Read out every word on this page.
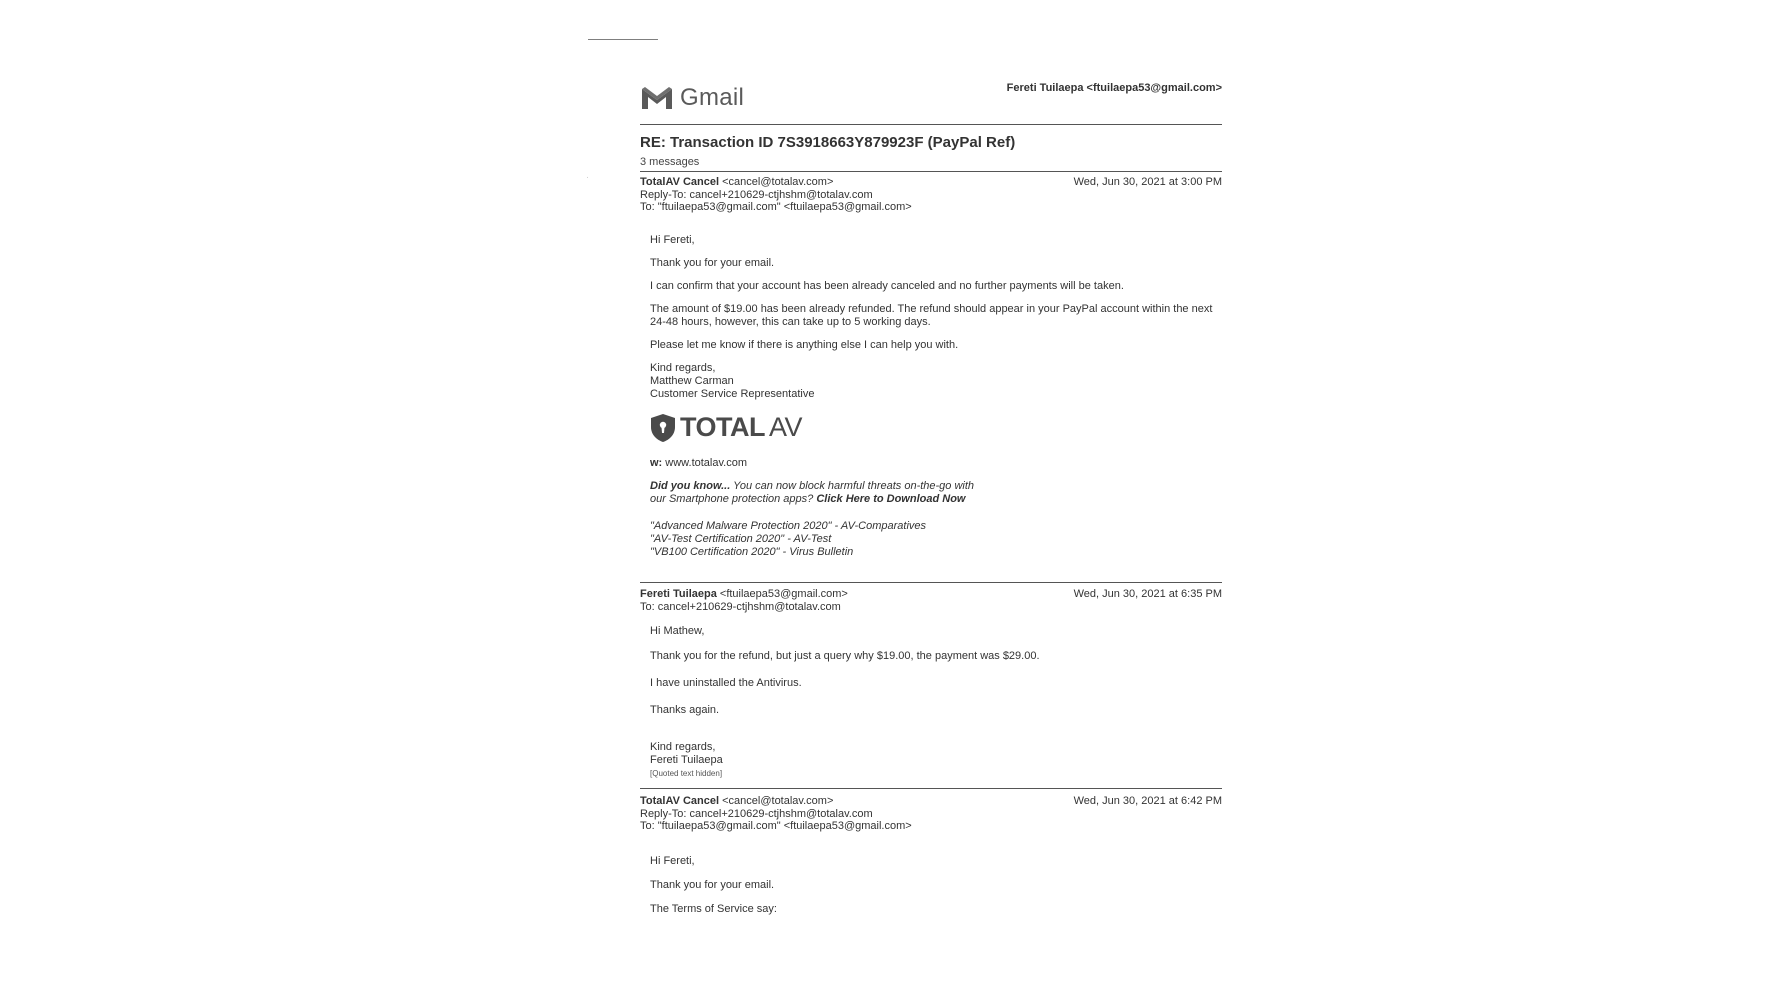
Gmail	Fereti Tuilaepa <ftuilaepa53@gmail.com>
RE: Transaction ID 7S3918663Y879923F (PayPal Ref)
3 messages
TotalAV Cancel <cancel@totalav.com>
Reply-To: cancel+210629-ctjhshm@totalav.com
To: "ftuilaepa53@gmail.com" <ftuilaepa53@gmail.com>
Wed, Jun 30, 2021 at 3:00 PM

Hi Fereti,

Thank you for your email.

I can confirm that your account has been already canceled and no further payments will be taken.

The amount of $19.00 has been already refunded. The refund should appear in your PayPal account within the next 24-48 hours, however, this can take up to 5 working days.

Please let me know if there is anything else I can help you with.

Kind regards,
Matthew Carman
Customer Service Representative
TOTAL AV

w: www.totalav.com

Did you know... You can now block harmful threats on-the-go with our Smartphone protection apps? Click Here to Download Now

"Advanced Malware Protection 2020" - AV-Comparatives
"AV-Test Certification 2020" - AV-Test
"VB100 Certification 2020" - Virus Bulletin
Fereti Tuilaepa <ftuilaepa53@gmail.com>
To: cancel+210629-ctjhshm@totalav.com
Wed, Jun 30, 2021 at 6:35 PM

Hi Mathew,

Thank you for the refund, but just a query why $19.00, the payment was $29.00.

I have uninstalled the Antivirus.

Thanks again.

Kind regards,
Fereti Tuilaepa
[Quoted text hidden]
TotalAV Cancel <cancel@totalav.com>
Reply-To: cancel+210629-ctjhshm@totalav.com
To: "ftuilaepa53@gmail.com" <ftuilaepa53@gmail.com>
Wed, Jun 30, 2021 at 6:42 PM

Hi Fereti,

Thank you for your email.

The Terms of Service say:
